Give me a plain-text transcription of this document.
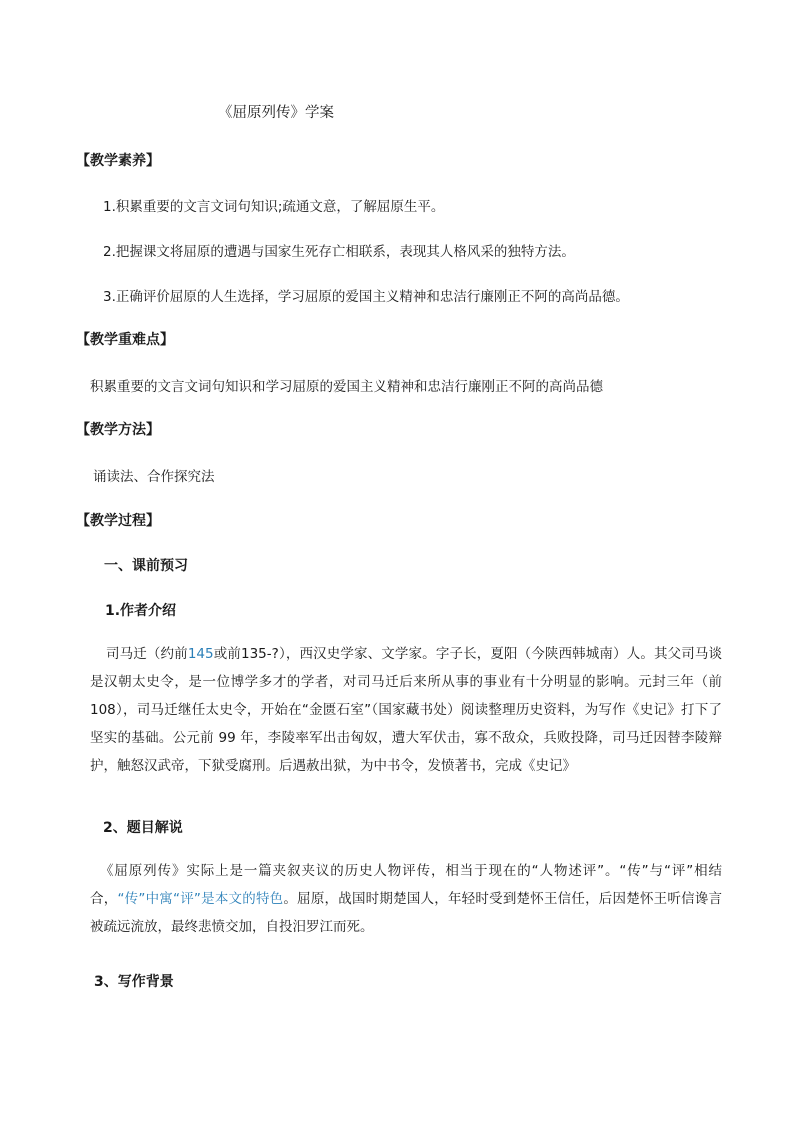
《屈原列传》学案
【教学素养】
1.积累重要的文言文词句知识;疏通文意，了解屈原生平。
2.把握课文将屈原的遭遇与国家生死存亡相联系，表现其人格风采的独特方法。
3.正确评价屈原的人生选择，学习屈原的爱国主义精神和忠洁行廉刚正不阿的高尚品德。
【教学重难点】
积累重要的文言文词句知识和学习屈原的爱国主义精神和忠洁行廉刚正不阿的高尚品德
【教学方法】
诵读法、合作探究法
【教学过程】
一、课前预习
1.作者介绍
司马迁（约前145或前135-?），西汉史学家、文学家。字子长，夏阳（今陕西韩城南）人。其父司马谈是汉朝太史令，是一位博学多才的学者，对司马迁后来所从事的事业有十分明显的影响。元封三年（前108），司马迁继任太史令，开始在“金匮石室”（国家藏书处）阅读整理历史资料，为写作《史记》打下了坚实的基础。公元前 99 年，李陵率军出击匈奴，遭大军伏击，寡不敌众，兵败投降，司马迁因替李陵辩护，触怒汉武帝，下狱受腐刑。后遇赦出狱，为中书令，发愤著书，完成《史记》
2、题目解说
《屈原列传》实际上是一篇夹叙夹议的历史人物评传，相当于现在的“人物述评”。“传”与“评”相结合，“传”中寓“评”是本文的特色。屈原，战国时期楚国人，年轻时受到楚怀王信任，后因楚怀王听信谗言被疏远流放，最终悲愤交加，自投汨罗江而死。
3、写作背景
